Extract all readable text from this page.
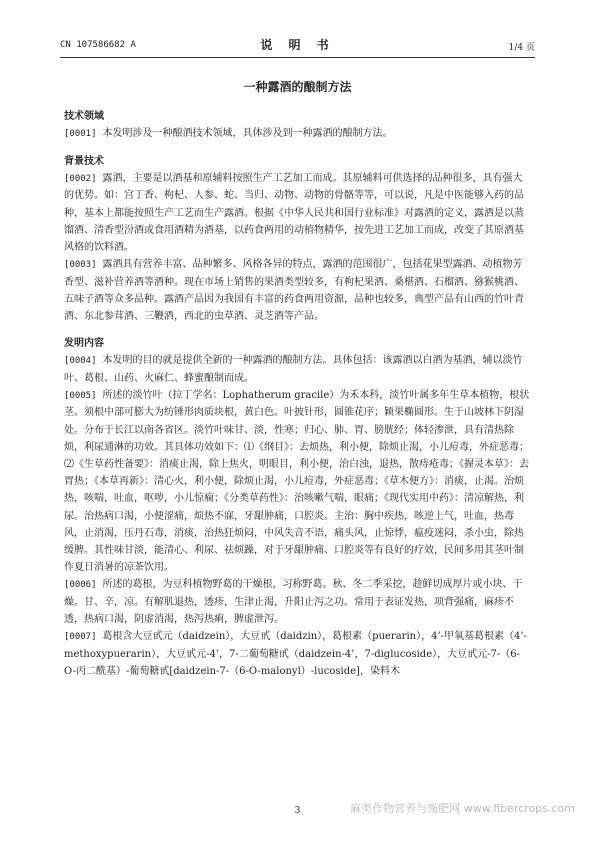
CN 107586682 A	说 明 书	1/4 页
一种露酒的酿制方法
技术领域

[0001] 本发明涉及一种酿酒技术领域，具体涉及到一种露酒的酿制方法。

背景技术

[0002] 露酒，主要是以酒基和原辅料按照生产工艺加工而成。其原辅料可供选择的品种很多，具有强大的优势。如：宫丁香、枸杞、人参、蛇、当归、动物、动物的骨骼等等，可以说，凡是中医能够入药的品种，基本上都能按照生产工艺而生产露酒。根据《中华人民共和国行业标准》对露酒的定义，露酒是以蒸馏酒、清香型汾酒或食用酒精为酒基，以药食两用的动植物精华，按先进工艺加工而成，改变了其原酒基风格的饮料酒。

[0003] 露酒具有营养丰富、品种繁多、风格各异的特点，露酒的范围很广，包括花果型露酒、动植物芳香型、滋补营养酒等酒种。现在市场上销售的果酒类型较多，有枸杞果酒、桑椹酒、石榴酒、猕猴桃酒、五味子酒等众多品种。露酒产品因为我国有丰富的药食两用资源，品种也较多，典型产品有山西的竹叶青酒、东北参茸酒、三鞭酒，西北的虫草酒、灵芝酒等产品。

发明内容

[0004] 本发明的目的就是提供全新的一种露酒的酿制方法。具体包括：该露酒以白酒为基酒，辅以淡竹叶、葛根、山药、火麻仁、蜂蜜酿制而成。

[0005] 所述的淡竹叶（拉丁学名：Lophatherum gracile）为禾本科，淡竹叶属多年生草本植物，根状茎。须根中部可膨大为纺锤形肉质块根，黄白色。叶披针形，圆锥花序；颖果椭圆形。生于山坡林下阴湿处。分布于长江以南各省区。淡竹叶味甘、淡，性寒；归心、肺、胃、膀胱经；体轻渗泄，具有清热除烦，利尿通淋的功效。其具体功效如下：⑴《纲目》：去烦热，利小便，除烦止渴，小儿痘毒，外症恶毒；⑵《生草药性备要》：消痰止渴，除上焦火，明眼目，利小便，治白浊，退热，散痔疮毒；《握灵本草》：去胃热；《本草再新》：清心火，利小便，除烦止渴，小儿痘毒，外症恶毒；《草木便方》：消痰，止渴。治烦热，咳喘，吐血，呕哕，小儿惊痫；《分类草药性》：治咳嗽气喘，眼痛；《现代实用中药》：清凉解热，利尿。治热病口渴，小便涩痛，烦热不寐，牙龈肿痛，口腔炎。主治：胸中疾热，咳逆上气，吐血，热毒风，止消渴，压丹石毒，消痰，治热狂烦闷，中风失音不语，痛头风，止惊悸，瘟疫迷闷，杀小虫，除热缓脾。其性味甘淡，能清心、利尿、祛烦躁，对于牙龈肿痛、口腔炎等有良好的疗效，民间多用其茎叶制作夏日消暑的凉茶饮用。

[0006] 所述的葛根，为豆科植物野葛的干燥根，习称野葛。秋、冬二季采挖，趁鲜切成厚片或小块、干燥。甘、辛，凉。有解肌退热，透疹，生津止渴，升阳止泻之功。常用于表证发热，项背强痛，麻疹不透，热病口渴，阴虚消渴，热泻热痢，脾虚泄泻。

[0007] 葛根含大豆甙元（daidzein），大豆甙（daidzin），葛根素（puerarin），4’-甲氧基葛根素（4’-methoxypuerarin），大豆甙元-4’，7-二葡萄糖甙（daidzein-4’，7-diglucoside），大豆甙元-7-（6-O-丙二酰基）-葡萄糖甙[daidzein-7-（6-O-malonyl）-lucoside]，染料木

3	麻类作物营养与施肥网 www.fibercrops.com
